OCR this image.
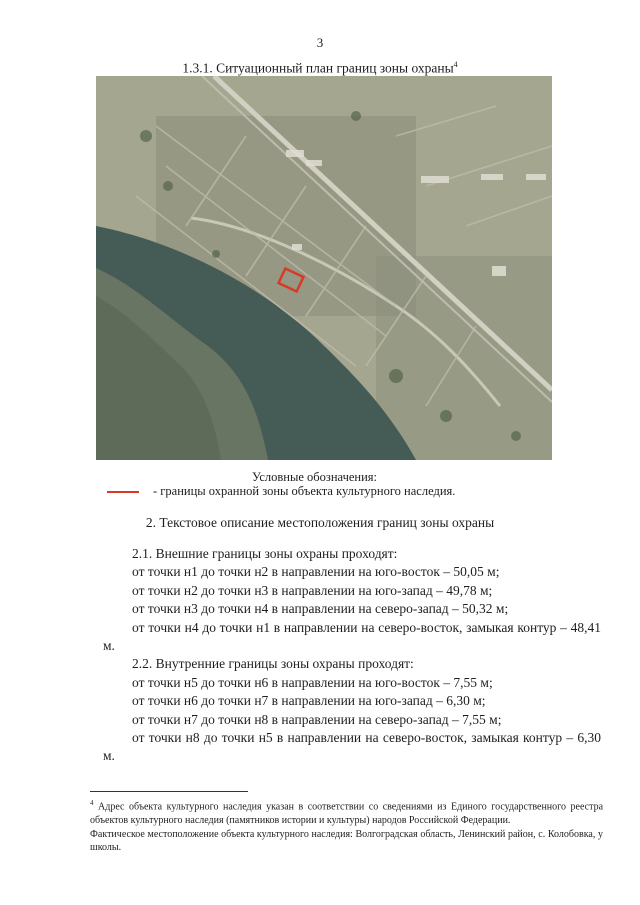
3
1.3.1. Ситуационный план границ зоны охраны$^4$
Условные обозначения:
- границы охранной зоны объекта культурного наследия.
2. Текстовое описание местоположения границ зоны охраны

2.1. Внешние границы зоны охраны проходят:

от точки н1 до точки н2 в направлении на юго-восток – 50,05 м;

от точки н2 до точки н3 в направлении на юго-запад – 49,78 м;

от точки н3 до точки н4 в направлении на северо-запад – 50,32 м;

от точки н4 до точки н1 в направлении на северо-восток, замыкая контур – 48,41 м.

2.2. Внутренние границы зоны охраны проходят:

от точки н5 до точки н6 в направлении на юго-восток – 7,55 м;

от точки н6 до точки н7 в направлении на юго-запад – 6,30 м;

от точки н7 до точки н8 в направлении на северо-запад – 7,55 м;

от точки н8 до точки н5 в направлении на северо-восток, замыкая контур – 6,30 м.

$^4$ Адрес объекта культурного наследия указан в соответствии со сведениями из Единого государственного реестра объектов культурного наследия (памятников истории и культуры) народов Российской Федерации.

Фактическое местоположение объекта культурного наследия: Волгоградская область, Ленинский район, с. Колобовка, у школы.
